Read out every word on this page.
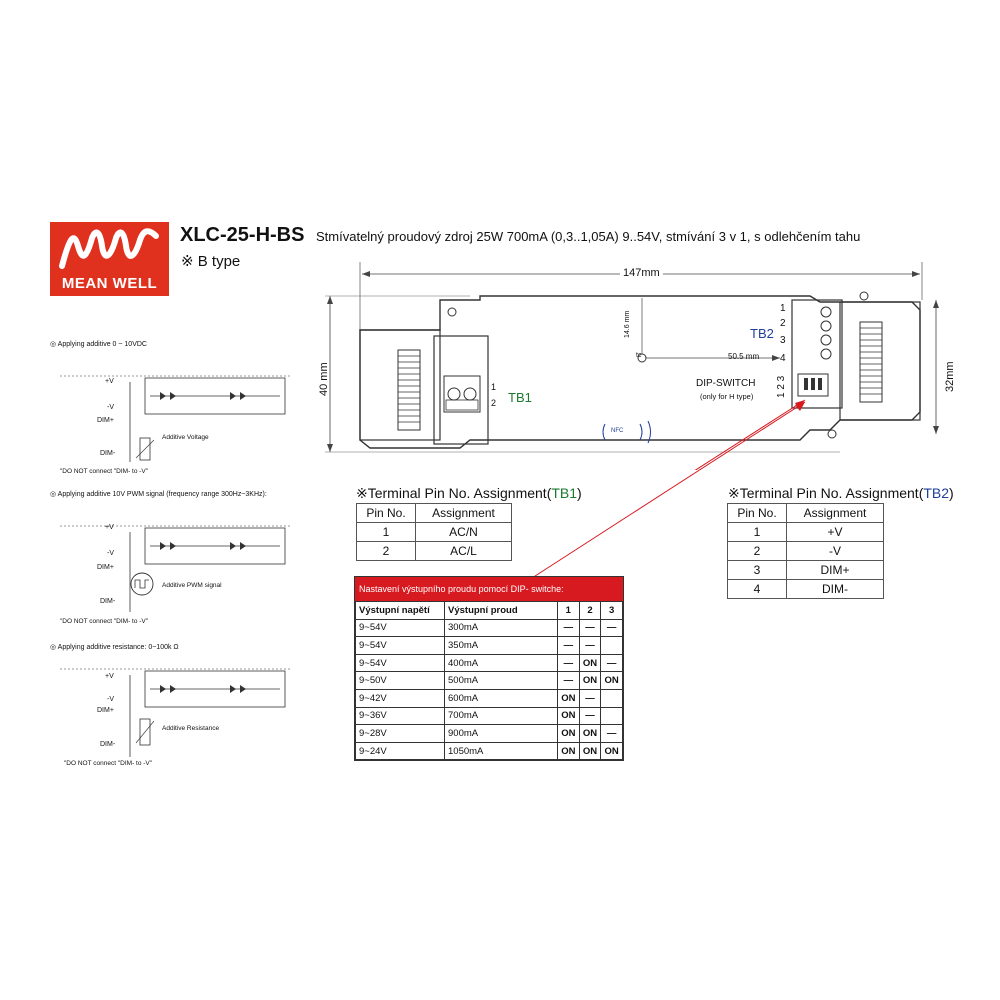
MEAN WELL
XLC-25-H-BS
※ B type
Stmívatelný proudový zdroj 25W 700mA (0,3..1,05A) 9..54V, stmívání 3 v 1, s odlehčením tahu
147mm
40 mm	32mm
14.6 mm
tc	50.5 mm
TB1
1
2
TB2
1
2
3
4
DIP-SWITCH
(only for H type) 1 2 3
NFC
◎ Applying additive 0 ~ 10VDC
+V
-V
DIM+
DIM-
Additive Voltage
"DO NOT connect "DIM- to -V"
◎ Applying additive 10V PWM signal (frequency range 300Hz~3KHz):
+V
-V
DIM+
DIM-
Additive PWM signal
"DO NOT connect "DIM- to -V"
◎ Applying additive resistance: 0~100k Ω
+V
-V
DIM+
DIM-
Additive Resistance
"DO NOT connect "DIM- to -V"
※Terminal Pin No. Assignment(TB1)
Pin No.	Assignment
1	AC/N
2	AC/L
※Terminal Pin No. Assignment(TB2)
Pin No.	Assignment
1	+V
2	-V
3	DIM+
4	DIM-
Nastavení výstupního proudu pomocí DIP- switche:
Výstupní napětí	Výstupní proud	1	2	3
9~54V	300mA	—	—	—
9~54V	350mA	—	—	
9~54V	400mA	—	ON	—
9~50V	500mA	—	ON	ON
9~42V	600mA	ON	—	
9~36V	700mA	ON	—	
9~28V	900mA	ON	ON	—
9~24V	1050mA	ON	ON	ON
